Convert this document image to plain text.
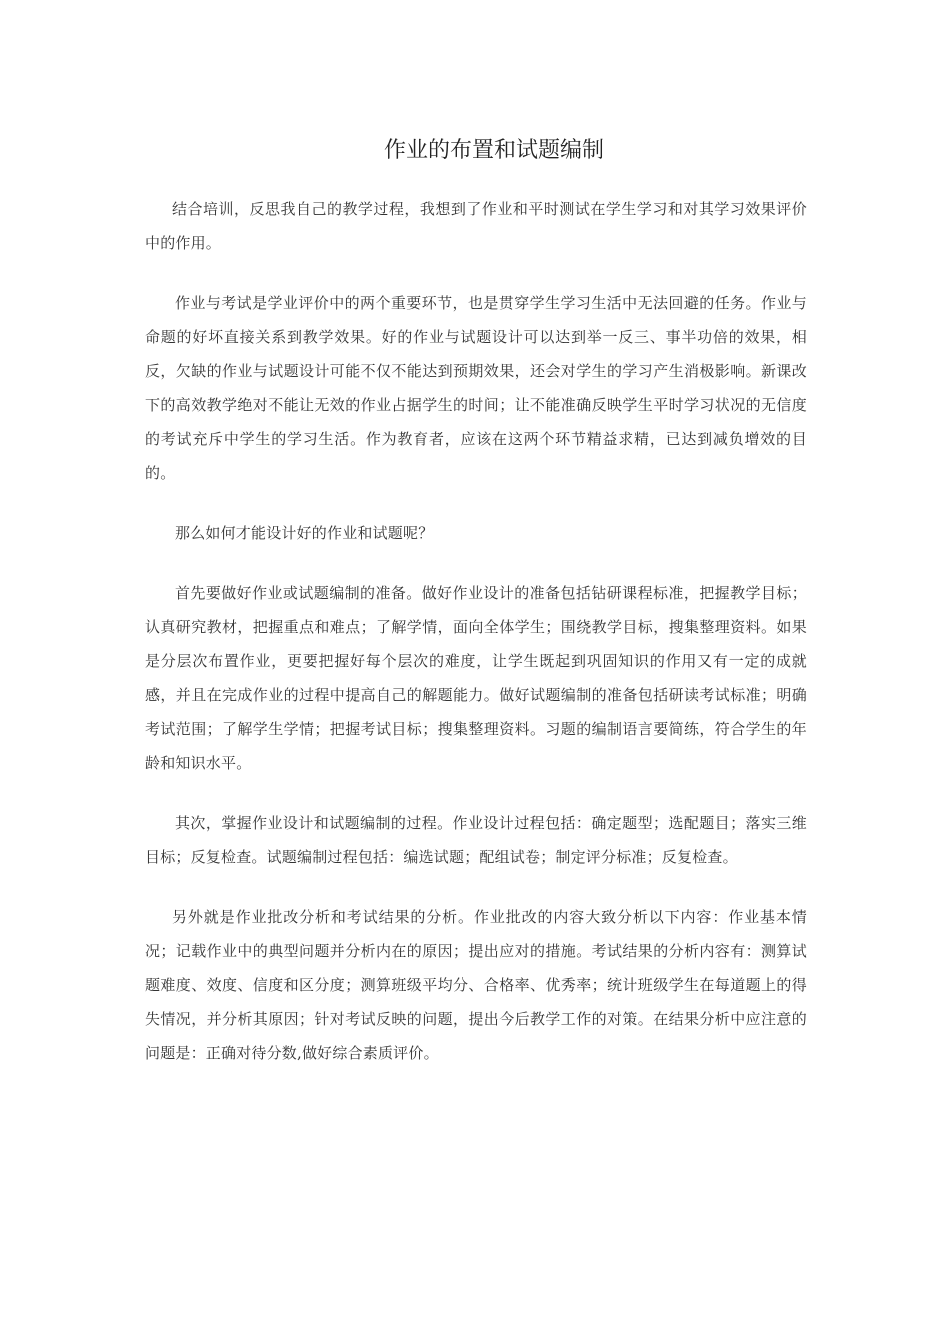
作业的布置和试题编制

结合培训，反思我自己的教学过程，我想到了作业和平时测试在学生学习和对其学习效果评价中的作用。

作业与考试是学业评价中的两个重要环节，也是贯穿学生学习生活中无法回避的任务。作业与命题的好坏直接关系到教学效果。好的作业与试题设计可以达到举一反三、事半功倍的效果，相反，欠缺的作业与试题设计可能不仅不能达到预期效果，还会对学生的学习产生消极影响。新课改下的高效教学绝对不能让无效的作业占据学生的时间；让不能准确反映学生平时学习状况的无信度的考试充斥中学生的学习生活。作为教育者，应该在这两个环节精益求精，已达到减负增效的目的。

那么如何才能设计好的作业和试题呢？

首先要做好作业或试题编制的准备。做好作业设计的准备包括钻研课程标准，把握教学目标；认真研究教材，把握重点和难点；了解学情，面向全体学生；围绕教学目标，搜集整理资料。如果是分层次布置作业，更要把握好每个层次的难度，让学生既起到巩固知识的作用又有一定的成就感，并且在完成作业的过程中提高自己的解题能力。做好试题编制的准备包括研读考试标准；明确考试范围；了解学生学情；把握考试目标；搜集整理资料。习题的编制语言要简练，符合学生的年龄和知识水平。

其次，掌握作业设计和试题编制的过程。作业设计过程包括：确定题型；选配题目；落实三维目标；反复检查。试题编制过程包括：编选试题；配组试卷；制定评分标准；反复检查。

另外就是作业批改分析和考试结果的分析。作业批改的内容大致分析以下内容：作业基本情况；记载作业中的典型问题并分析内在的原因；提出应对的措施。考试结果的分析内容有：测算试题难度、效度、信度和区分度；测算班级平均分、合格率、优秀率；统计班级学生在每道题上的得失情况，并分析其原因；针对考试反映的问题，提出今后教学工作的对策。在结果分析中应注意的问题是：正确对待分数,做好综合素质评价。
